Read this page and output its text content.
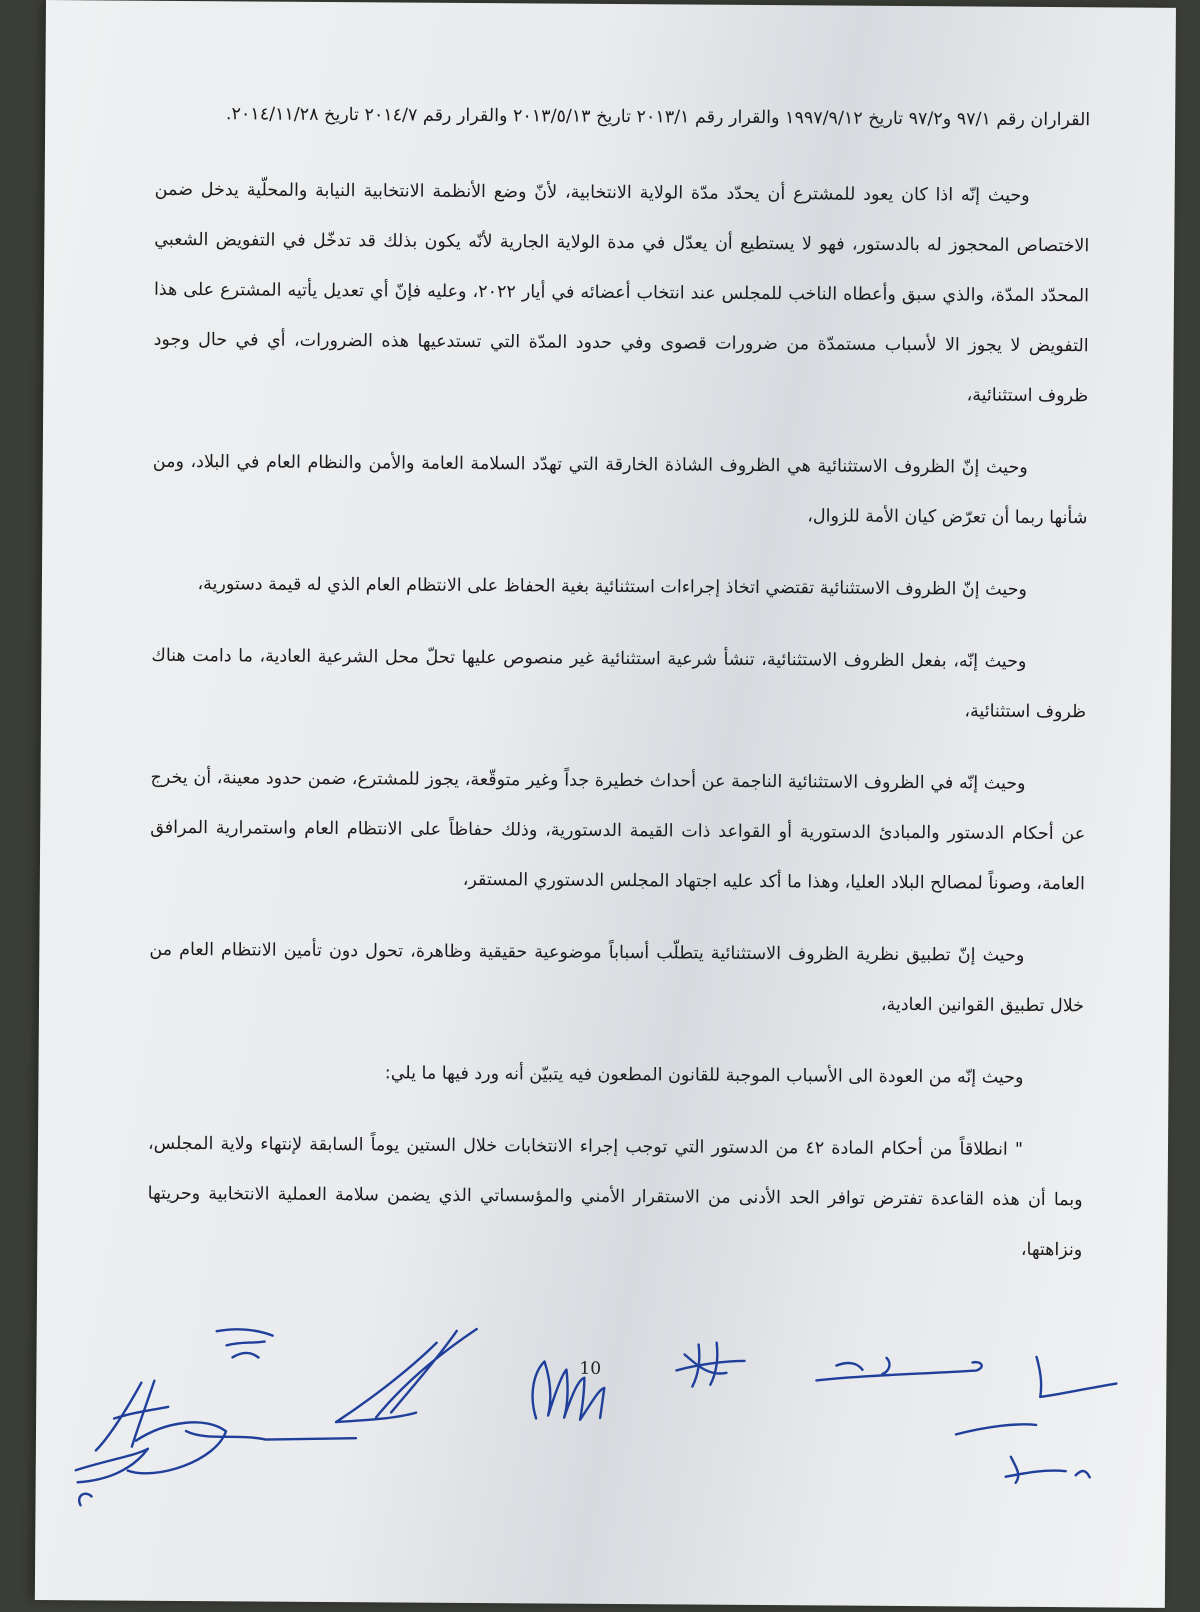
القراران رقم ٩٧/١ و٩٧/٢ تاريخ ١٩٩٧/٩/١٢ والقرار رقم ٢٠١٣/١ تاريخ ٢٠١٣/٥/١٣ والقرار رقم ٢٠١٤/٧ تاريخ ٢٠١٤/١١/٢٨.

وحيث إنّه اذا كان يعود للمشترع أن يحدّد مدّة الولاية الانتخابية، لأنّ وضع الأنظمة الانتخابية النيابة والمحلّية يدخل ضمن الاختصاص المحجوز له بالدستور، فهو لا يستطيع أن يعدّل في مدة الولاية الجارية لأنّه يكون بذلك قد تدخّل في التفويض الشعبي المحدّد المدّة، والذي سبق وأعطاه الناخب للمجلس عند انتخاب أعضائه في أيار ٢٠٢٢، وعليه فإنّ أي تعديل يأتيه المشترع على هذا التفويض لا يجوز الا لأسباب مستمدّة من ضرورات قصوى وفي حدود المدّة التي تستدعيها هذه الضرورات، أي في حال وجود ظروف استثنائية،

وحيث إنّ الظروف الاستثنائية هي الظروف الشاذة الخارقة التي تهدّد السلامة العامة والأمن والنظام العام في البلاد، ومن شأنها ربما أن تعرّض كيان الأمة للزوال،

وحيث إنّ الظروف الاستثنائية تقتضي اتخاذ إجراءات استثنائية بغية الحفاظ على الانتظام العام الذي له قيمة دستورية،

وحيث إنّه، بفعل الظروف الاستثنائية، تنشأ شرعية استثنائية غير منصوص عليها تحلّ محل الشرعية العادية، ما دامت هناك ظروف استثنائية،

وحيث إنّه في الظروف الاستثنائية الناجمة عن أحداث خطيرة جداً وغير متوقّعة، يجوز للمشترع، ضمن حدود معينة، أن يخرج عن أحكام الدستور والمبادئ الدستورية أو القواعد ذات القيمة الدستورية، وذلك حفاظاً على الانتظام العام واستمرارية المرافق العامة، وصوناً لمصالح البلاد العليا، وهذا ما أكد عليه اجتهاد المجلس الدستوري المستقر،

وحيث إنّ تطبيق نظرية الظروف الاستثنائية يتطلّب أسباباً موضوعية حقيقية وظاهرة، تحول دون تأمين الانتظام العام من خلال تطبيق القوانين العادية،

وحيث إنّه من العودة الى الأسباب الموجبة للقانون المطعون فيه يتبيّن أنه ورد فيها ما يلي:

" انطلاقاً من أحكام المادة ٤٢ من الدستور التي توجب إجراء الانتخابات خلال الستين يوماً السابقة لإنتهاء ولاية المجلس، وبما أن هذه القاعدة تفترض توافر الحد الأدنى من الاستقرار الأمني والمؤسساتي الذي يضمن سلامة العملية الانتخابية وحريتها ونزاهتها،

10
